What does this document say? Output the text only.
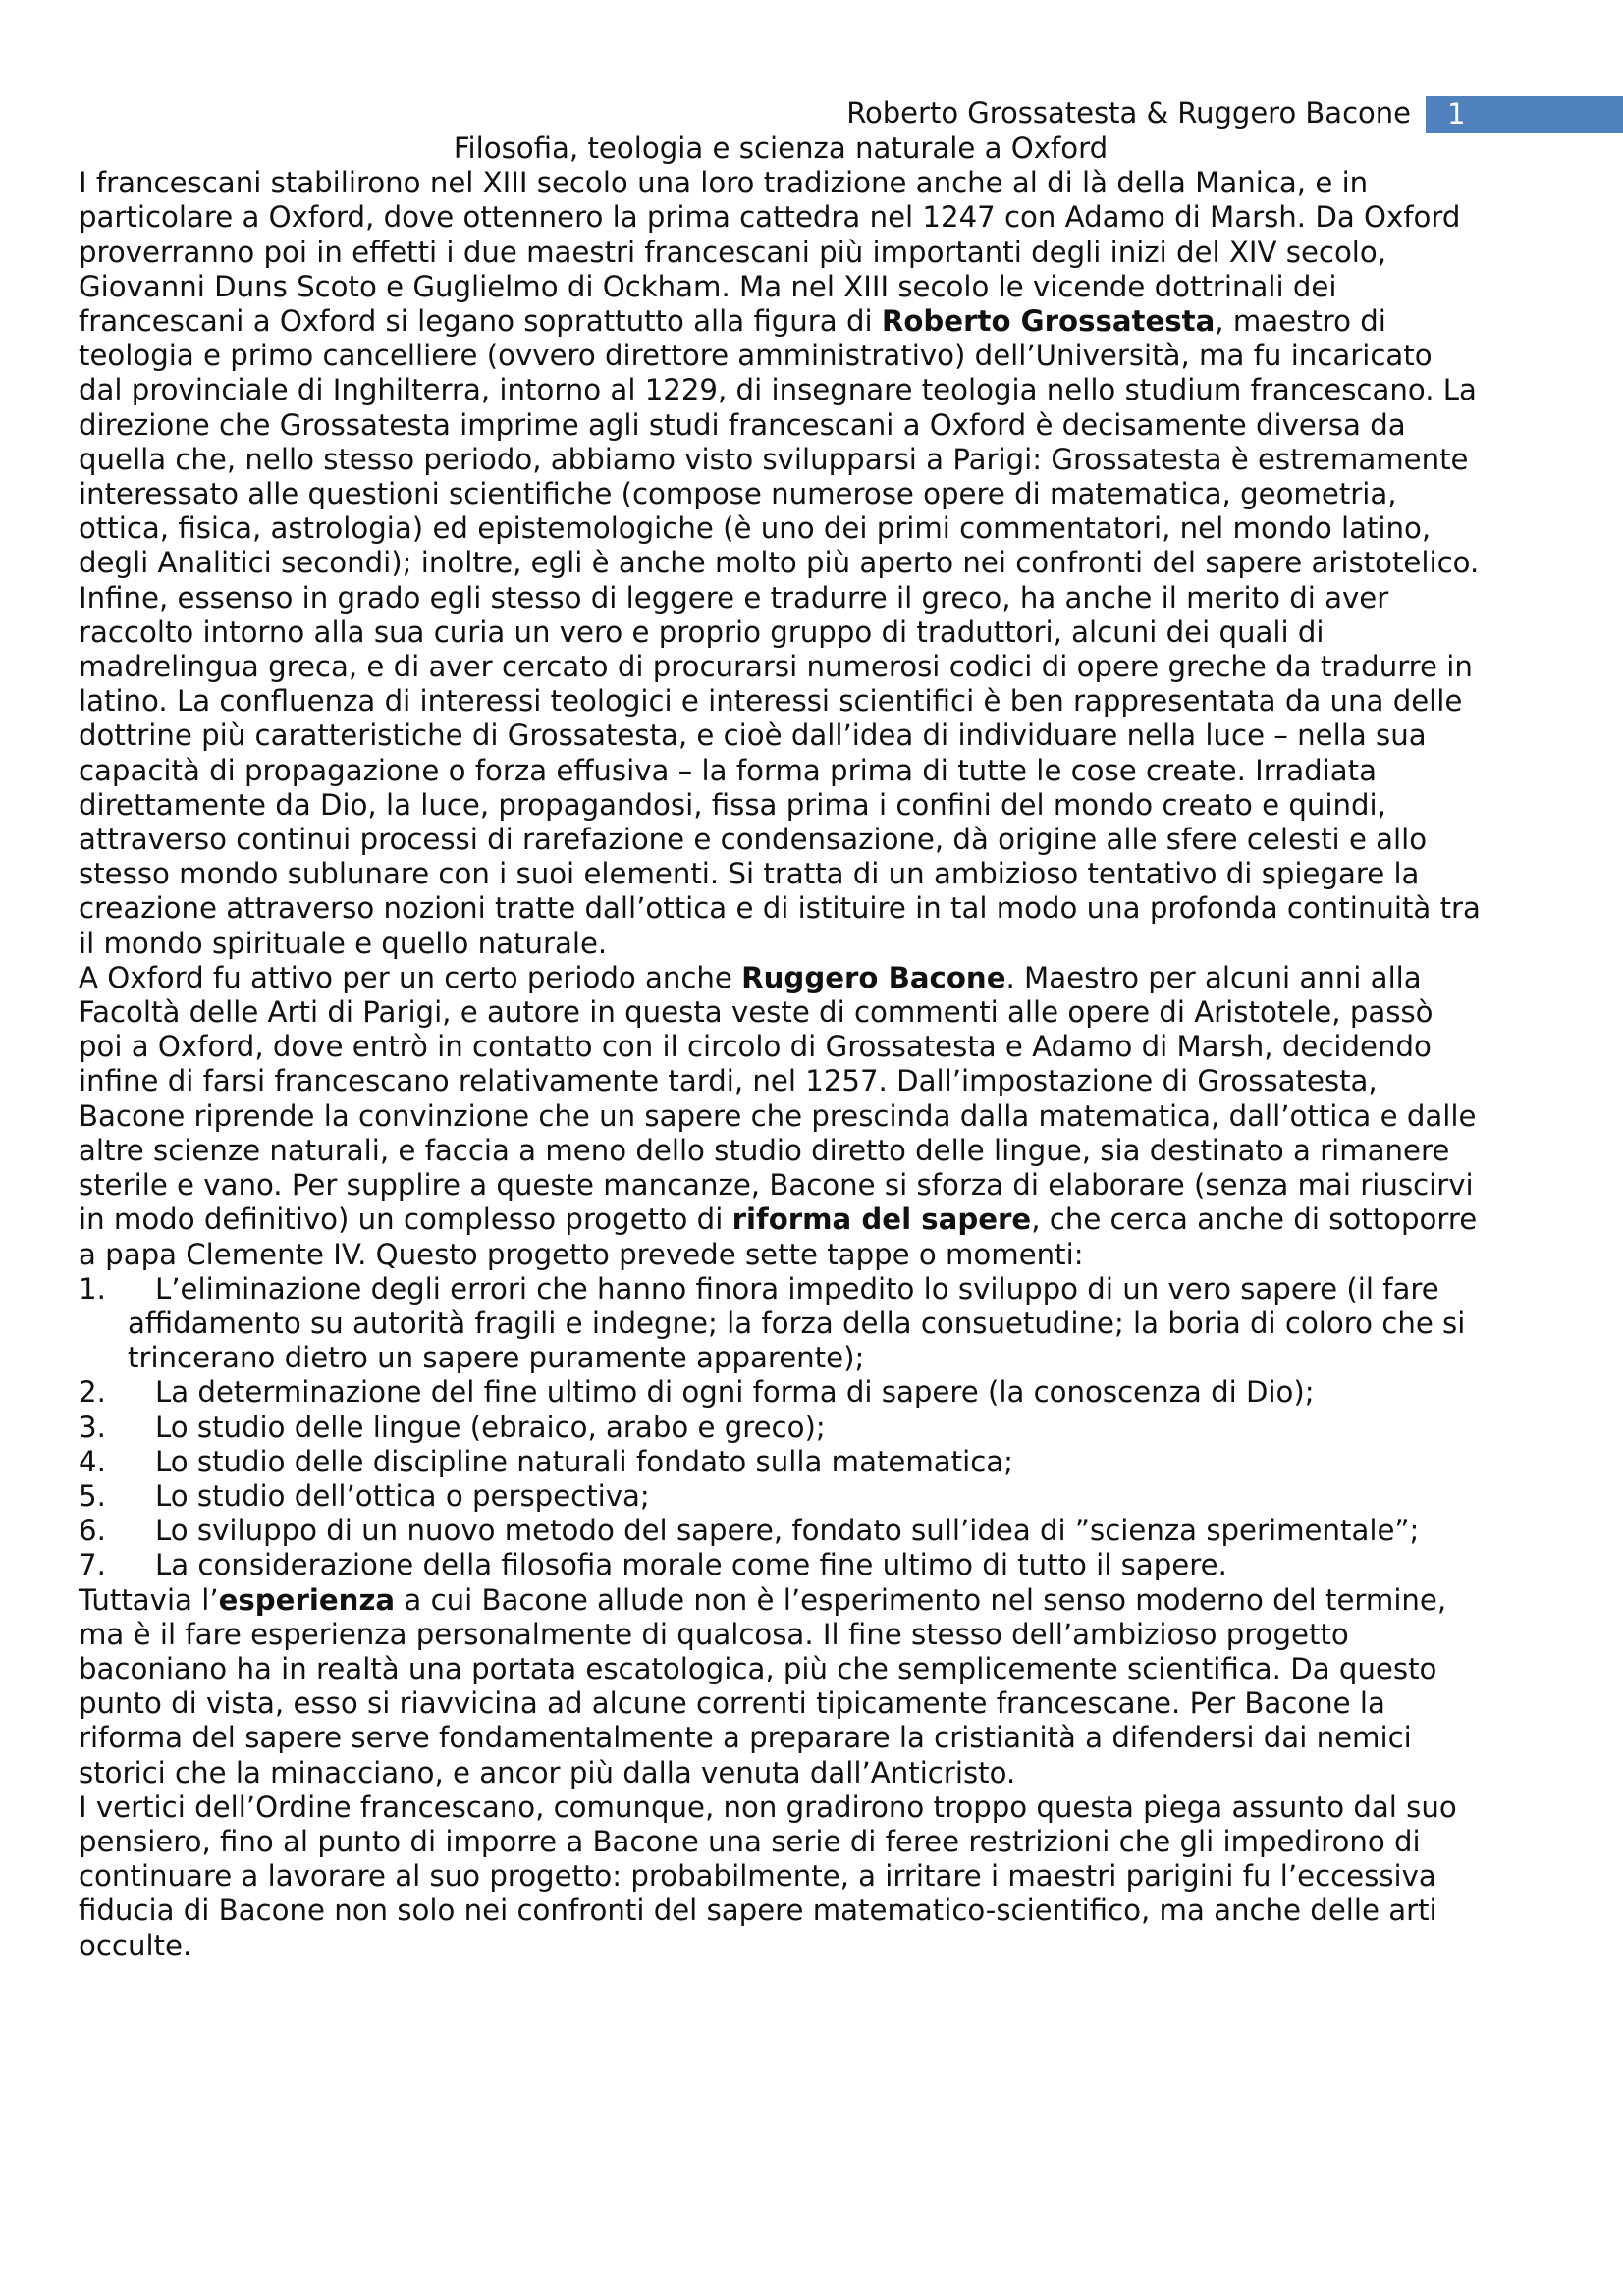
Roberto Grossatesta & Ruggero Bacone	1
Filosofia, teologia e scienza naturale a Oxford
I francescani stabilirono nel XIII secolo una loro tradizione anche al di là della Manica, e in
particolare a Oxford, dove ottennero la prima cattedra nel 1247 con Adamo di Marsh. Da Oxford
proverranno poi in effetti i due maestri francescani più importanti degli inizi del XIV secolo,
Giovanni Duns Scoto e Guglielmo di Ockham. Ma nel XIII secolo le vicende dottrinali dei
francescani a Oxford si legano soprattutto alla figura di Roberto Grossatesta, maestro di
teologia e primo cancelliere (ovvero direttore amministrativo) dell’Università, ma fu incaricato
dal provinciale di Inghilterra, intorno al 1229, di insegnare teologia nello studium francescano. La
direzione che Grossatesta imprime agli studi francescani a Oxford è decisamente diversa da
quella che, nello stesso periodo, abbiamo visto svilupparsi a Parigi: Grossatesta è estremamente
interessato alle questioni scientifiche (compose numerose opere di matematica, geometria,
ottica, fisica, astrologia) ed epistemologiche (è uno dei primi commentatori, nel mondo latino,
degli Analitici secondi); inoltre, egli è anche molto più aperto nei confronti del sapere aristotelico.
Infine, essenso in grado egli stesso di leggere e tradurre il greco, ha anche il merito di aver
raccolto intorno alla sua curia un vero e proprio gruppo di traduttori, alcuni dei quali di
madrelingua greca, e di aver cercato di procurarsi numerosi codici di opere greche da tradurre in
latino. La confluenza di interessi teologici e interessi scientifici è ben rappresentata da una delle
dottrine più caratteristiche di Grossatesta, e cioè dall’idea di individuare nella luce – nella sua
capacità di propagazione o forza effusiva – la forma prima di tutte le cose create. Irradiata
direttamente da Dio, la luce, propagandosi, fissa prima i confini del mondo creato e quindi,
attraverso continui processi di rarefazione e condensazione, dà origine alle sfere celesti e allo
stesso mondo sublunare con i suoi elementi. Si tratta di un ambizioso tentativo di spiegare la
creazione attraverso nozioni tratte dall’ottica e di istituire in tal modo una profonda continuità tra
il mondo spirituale e quello naturale.
A Oxford fu attivo per un certo periodo anche Ruggero Bacone. Maestro per alcuni anni alla
Facoltà delle Arti di Parigi, e autore in questa veste di commenti alle opere di Aristotele, passò
poi a Oxford, dove entrò in contatto con il circolo di Grossatesta e Adamo di Marsh, decidendo
infine di farsi francescano relativamente tardi, nel 1257. Dall’impostazione di Grossatesta,
Bacone riprende la convinzione che un sapere che prescinda dalla matematica, dall’ottica e dalle
altre scienze naturali, e faccia a meno dello studio diretto delle lingue, sia destinato a rimanere
sterile e vano. Per supplire a queste mancanze, Bacone si sforza di elaborare (senza mai riuscirvi
in modo definitivo) un complesso progetto di riforma del sapere, che cerca anche di sottoporre
a papa Clemente IV. Questo progetto prevede sette tappe o momenti:
1. L’eliminazione degli errori che hanno finora impedito lo sviluppo di un vero sapere (il fare
affidamento su autorità fragili e indegne; la forza della consuetudine; la boria di coloro che si
trincerano dietro un sapere puramente apparente);
2. La determinazione del fine ultimo di ogni forma di sapere (la conoscenza di Dio);
3. Lo studio delle lingue (ebraico, arabo e greco);
4. Lo studio delle discipline naturali fondato sulla matematica;
5. Lo studio dell’ottica o perspectiva;
6. Lo sviluppo di un nuovo metodo del sapere, fondato sull’idea di ”scienza sperimentale”;
7. La considerazione della filosofia morale come fine ultimo di tutto il sapere.
Tuttavia l’esperienza a cui Bacone allude non è l’esperimento nel senso moderno del termine,
ma è il fare esperienza personalmente di qualcosa. Il fine stesso dell’ambizioso progetto
baconiano ha in realtà una portata escatologica, più che semplicemente scientifica. Da questo
punto di vista, esso si riavvicina ad alcune correnti tipicamente francescane. Per Bacone la
riforma del sapere serve fondamentalmente a preparare la cristianità a difendersi dai nemici
storici che la minacciano, e ancor più dalla venuta dall’Anticristo.
I vertici dell’Ordine francescano, comunque, non gradirono troppo questa piega assunto dal suo
pensiero, fino al punto di imporre a Bacone una serie di feree restrizioni che gli impedirono di
continuare a lavorare al suo progetto: probabilmente, a irritare i maestri parigini fu l’eccessiva
fiducia di Bacone non solo nei confronti del sapere matematico-scientifico, ma anche delle arti
occulte.
